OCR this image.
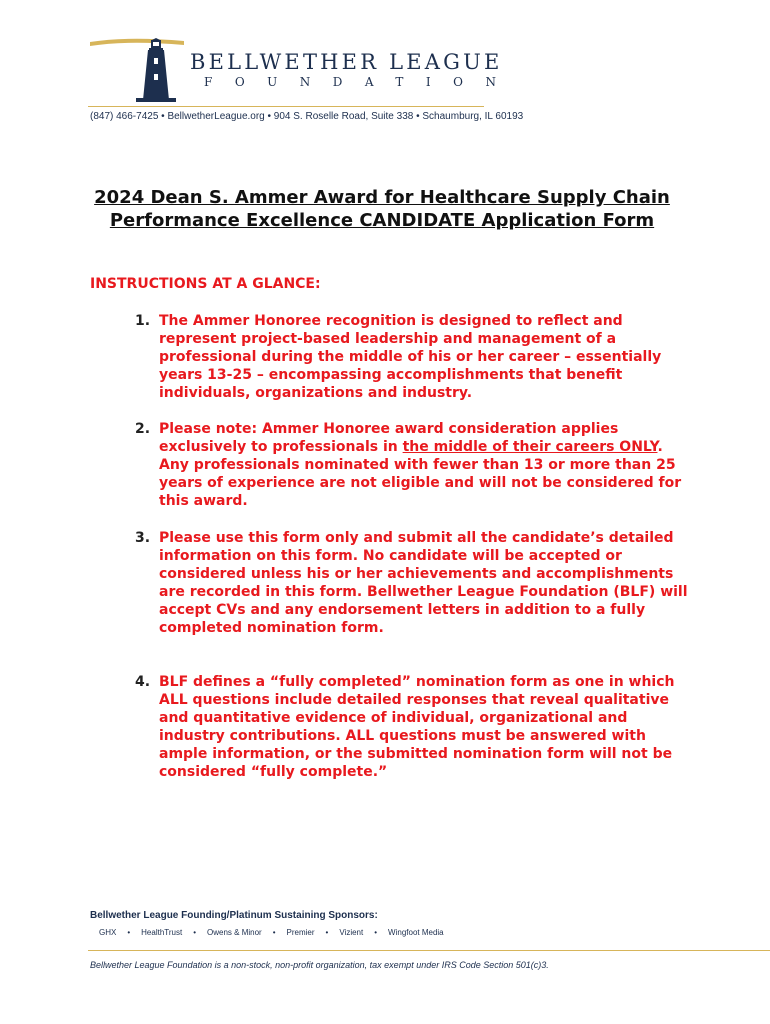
BELLWETHER LEAGUE

FOUNDATION

(847) 466-7425 • BellwetherLeague.org • 904 S. Roselle Road, Suite 338 • Schaumburg, IL 60193

2024 Dean S. Ammer Award for Healthcare Supply Chain Performance Excellence CANDIDATE Application Form

INSTRUCTIONS AT A GLANCE:

1. The Ammer Honoree recognition is designed to reflect and represent project-based leadership and management of a professional during the middle of his or her career – essentially years 13-25 – encompassing accomplishments that benefit individuals, organizations and industry.
2. Please note: Ammer Honoree award consideration applies exclusively to professionals in the middle of their careers ONLY. Any professionals nominated with fewer than 13 or more than 25 years of experience are not eligible and will not be considered for this award.
3. Please use this form only and submit all the candidate’s detailed information on this form. No candidate will be accepted or considered unless his or her achievements and accomplishments are recorded in this form. Bellwether League Foundation (BLF) will accept CVs and any endorsement letters in addition to a fully completed nomination form.
4. BLF defines a “fully completed” nomination form as one in which ALL questions include detailed responses that reveal qualitative and quantitative evidence of individual, organizational and industry contributions. ALL questions must be answered with ample information, or the submitted nomination form will not be considered “fully complete.”

Bellwether League Founding/Platinum Sustaining Sponsors:

GHX • HealthTrust • Owens & Minor • Premier • Vizient • Wingfoot Media

Bellwether League Foundation is a non-stock, non-profit organization, tax exempt under IRS Code Section 501(c)3.
